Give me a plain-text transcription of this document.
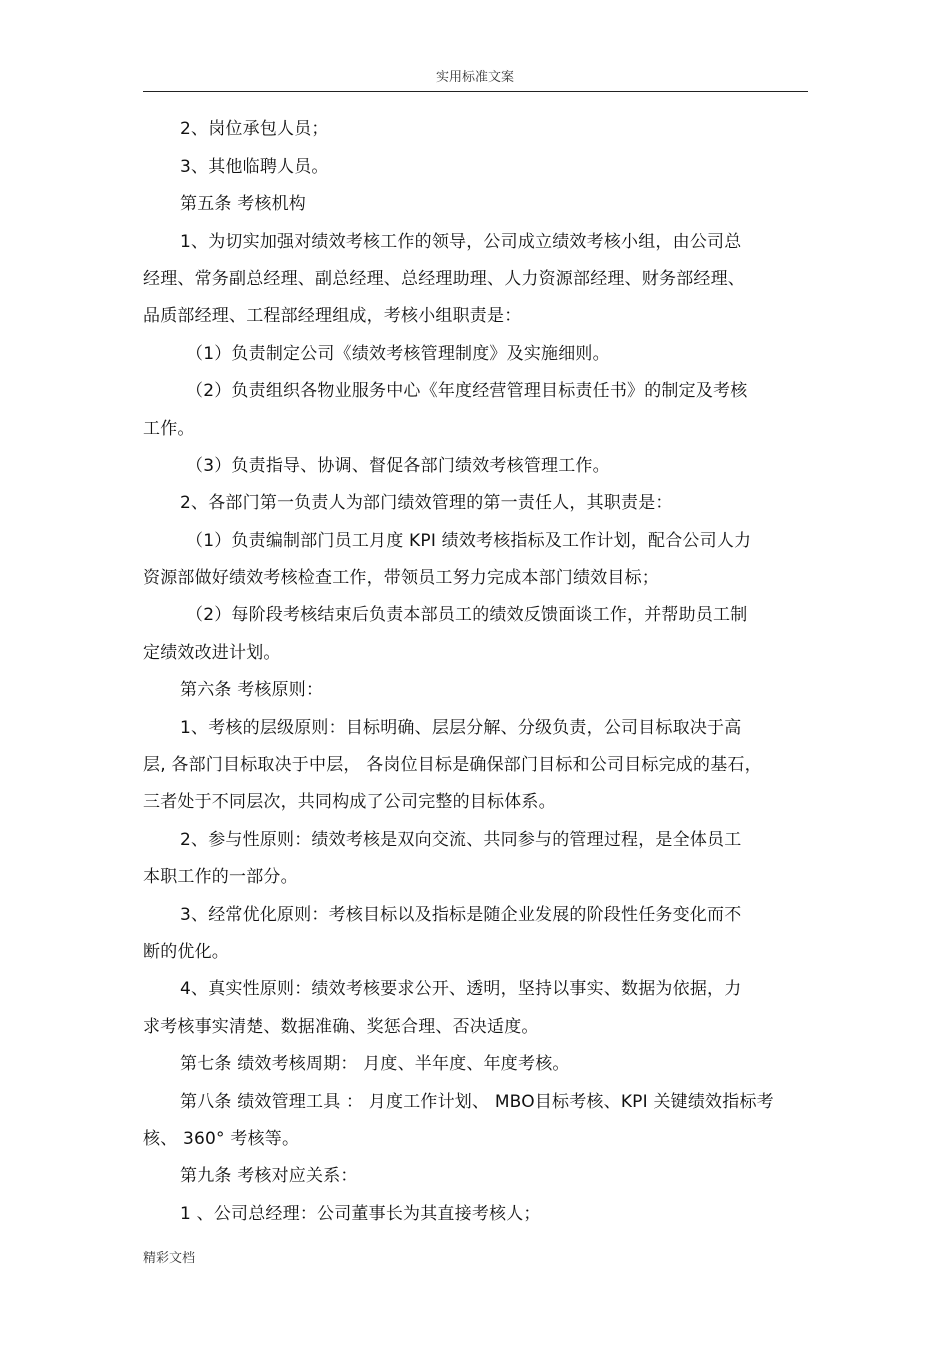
实用标准文案
2、岗位承包人员；
3、其他临聘人员。
第五条 考核机构
1、为切实加强对绩效考核工作的领导，公司成立绩效考核小组，由公司总
经理、常务副总经理、副总经理、总经理助理、人力资源部经理、财务部经理、
品质部经理、工程部经理组成，考核小组职责是：
（1）负责制定公司《绩效考核管理制度》及实施细则。
（2）负责组织各物业服务中心《年度经营管理目标责任书》的制定及考核
工作。
（3）负责指导、协调、督促各部门绩效考核管理工作。
2、各部门第一负责人为部门绩效管理的第一责任人，其职责是：
（1）负责编制部门员工月度 KPI 绩效考核指标及工作计划，配合公司人力
资源部做好绩效考核检查工作，带领员工努力完成本部门绩效目标；
（2）每阶段考核结束后负责本部员工的绩效反馈面谈工作，并帮助员工制
定绩效改进计划。
第六条 考核原则：
1、考核的层级原则：目标明确、层层分解、分级负责，公司目标取决于高
层, 各部门目标取决于中层， 各岗位目标是确保部门目标和公司目标完成的基石，
三者处于不同层次，共同构成了公司完整的目标体系。
2、参与性原则：绩效考核是双向交流、共同参与的管理过程，是全体员工
本职工作的一部分。
3、经常优化原则：考核目标以及指标是随企业发展的阶段性任务变化而不
断的优化。
4、真实性原则：绩效考核要求公开、透明，坚持以事实、数据为依据，力
求考核事实清楚、数据准确、奖惩合理、否决适度。
第七条 绩效考核周期： 月度、半年度、年度考核。
第八条 绩效管理工具 ： 月度工作计划、 MBO目标考核、KPI 关键绩效指标考
核、 360° 考核等。
第九条 考核对应关系：
1 、公司总经理：公司董事长为其直接考核人；
精彩文档
